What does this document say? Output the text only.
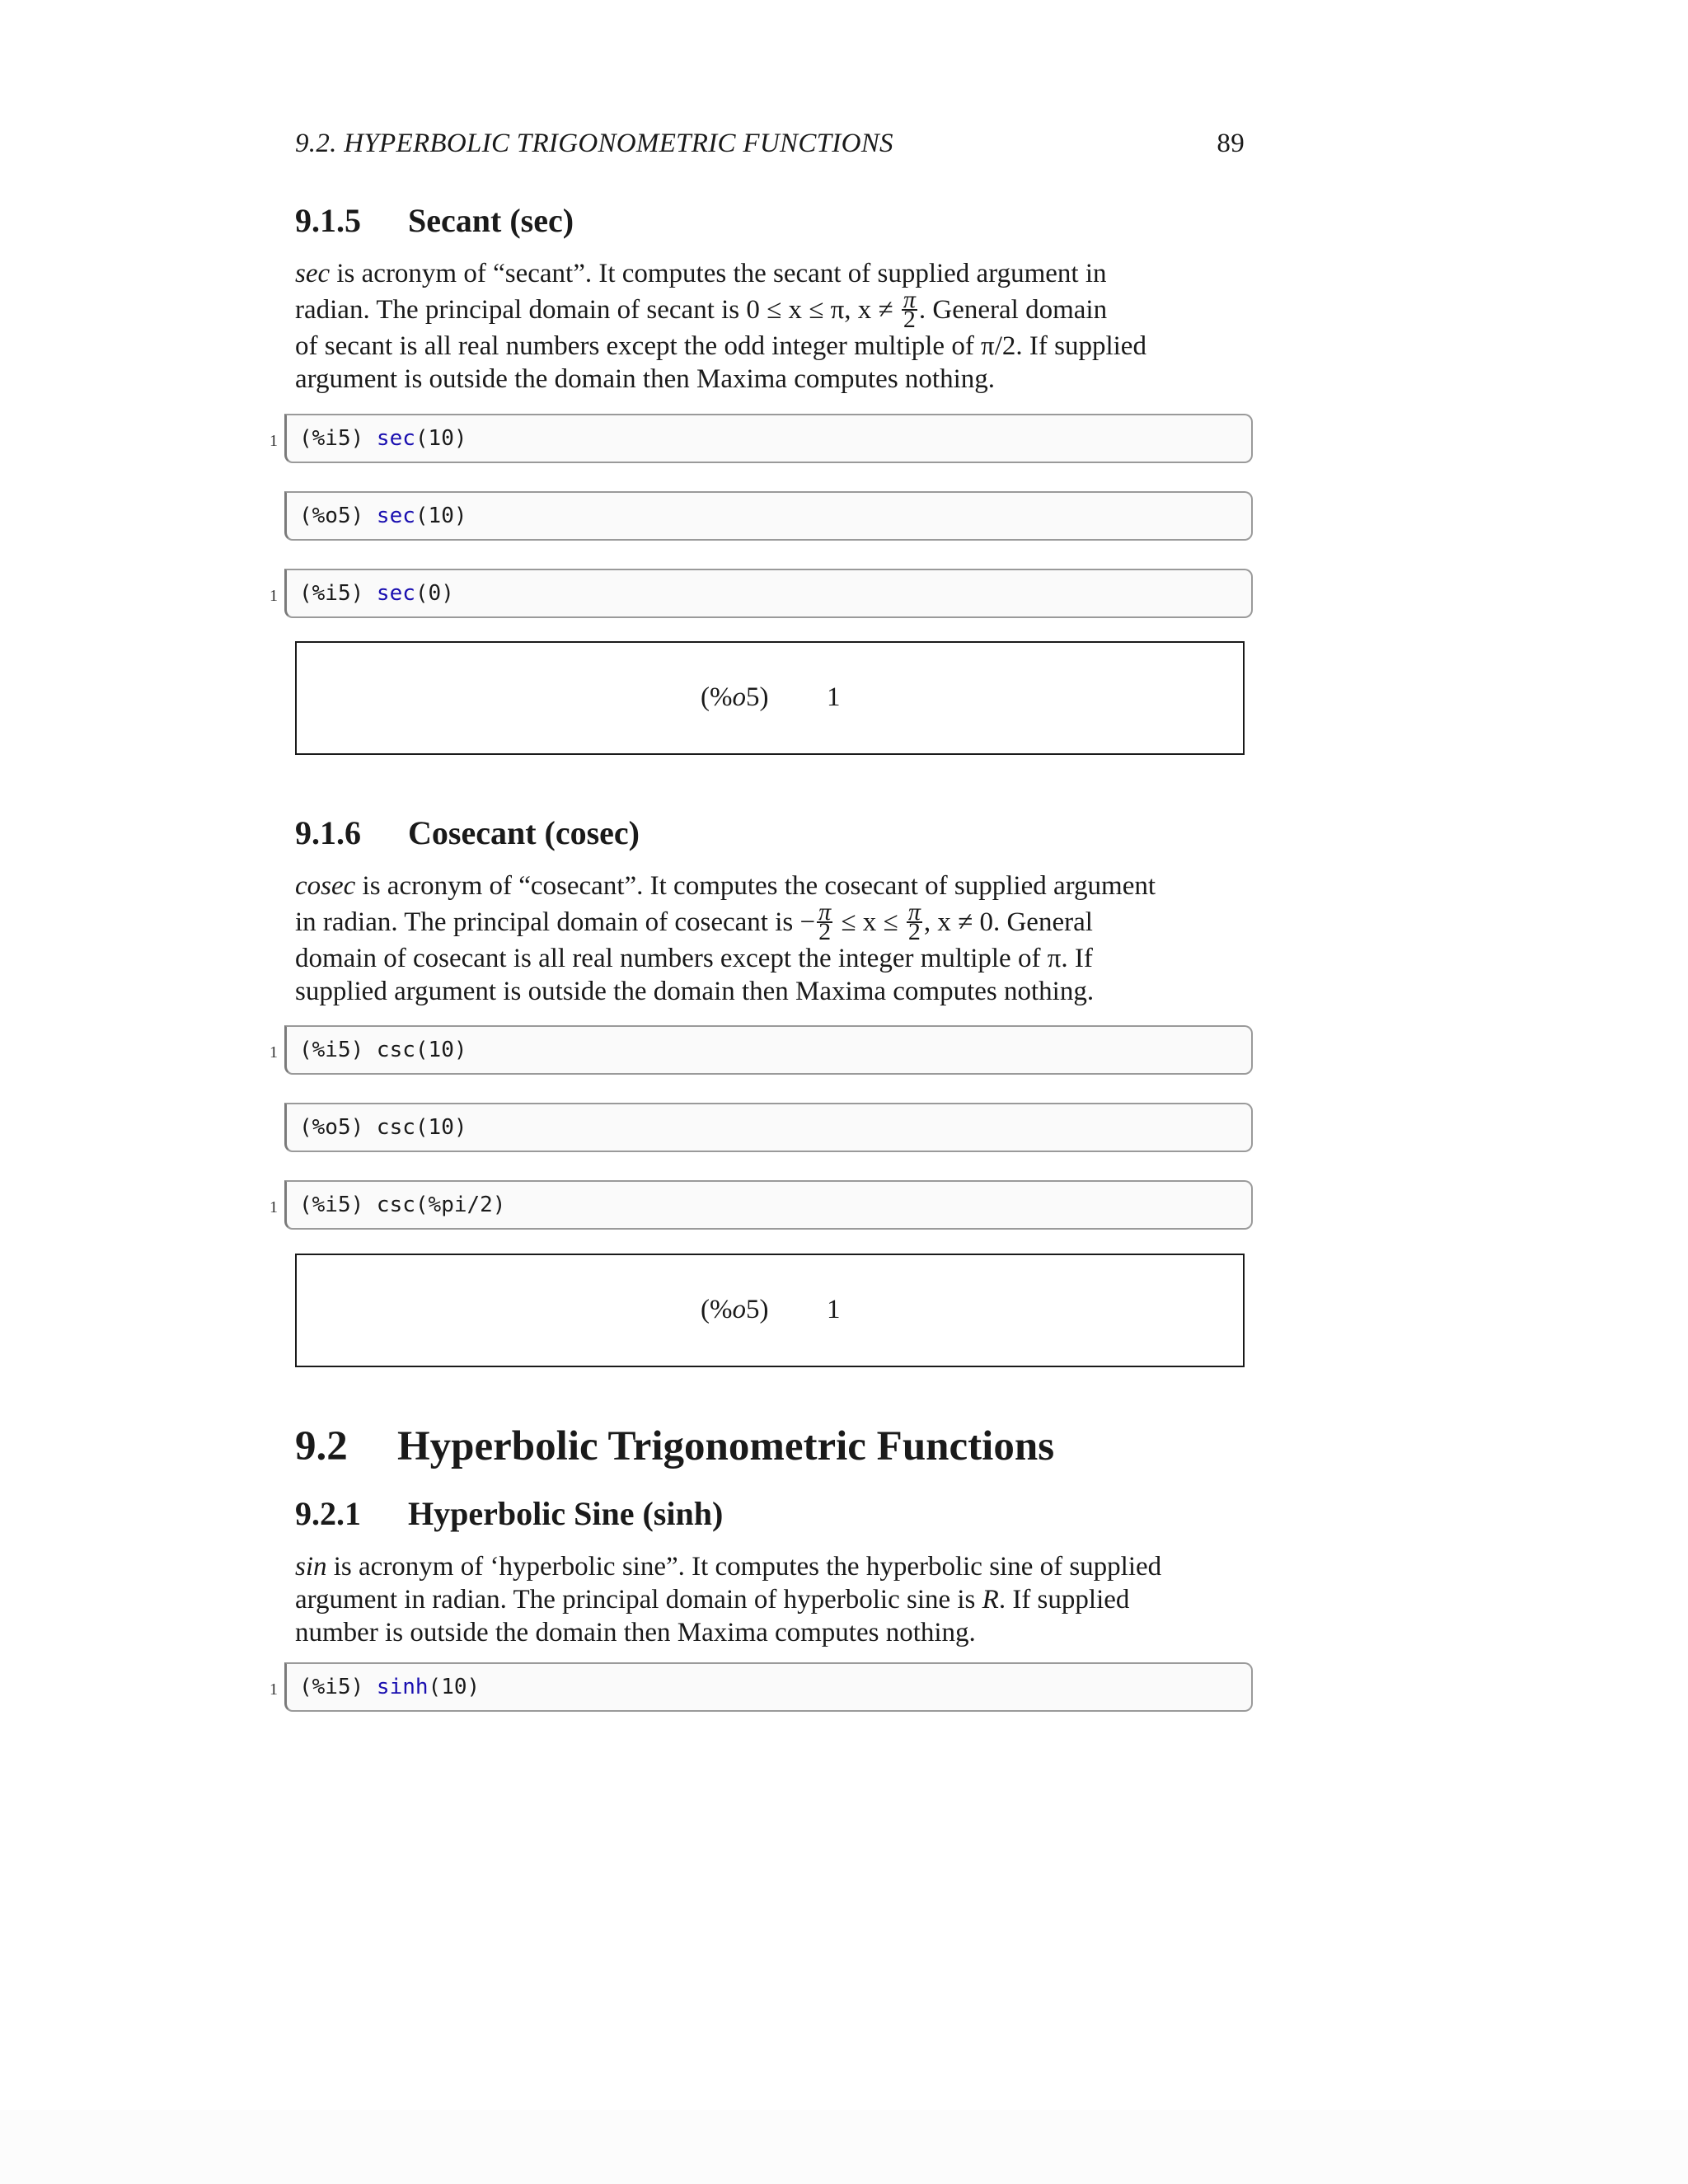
9.2. HYPERBOLIC TRIGONOMETRIC FUNCTIONS	89
9.1.5 Secant (sec)
sec is acronym of “secant”. It computes the secant of supplied argument in
radian. The principal domain of secant is 0 ≤ x ≤ π, $x \ne \frac{\pi}{2}$ . General domain
of secant is all real numbers except the odd integer multiple of π/2. If supplied
argument is outside the domain then Maxima computes nothing.
1 (%i5) sec(10)
(%o5) sec(10)
1 (%i5) sec(0)
(%o5) 1
9.1.6 Cosecant (cosec)
cosec is acronym of “cosecant”. It computes the cosecant of supplied argument
in radian. The principal domain of cosecant is − $\frac{\pi}{2} \le x \le \frac{\pi}{2}$ , x ≠ 0. General
domain of cosecant is all real numbers except the integer multiple of π. If
supplied argument is outside the domain then Maxima computes nothing.
1 (%i5) csc(10)
(%o5) csc(10)
1 (%i5) csc(%pi/2)
(%o5) 1
9.2 Hyperbolic Trigonometric Functions
9.2.1 Hyperbolic Sine (sinh)
sin is acronym of ‘hyperbolic sine”. It computes the hyperbolic sine of supplied
argument in radian. The principal domain of hyperbolic sine is R. If supplied
number is outside the domain then Maxima computes nothing.
1 (%i5) sinh(10)
